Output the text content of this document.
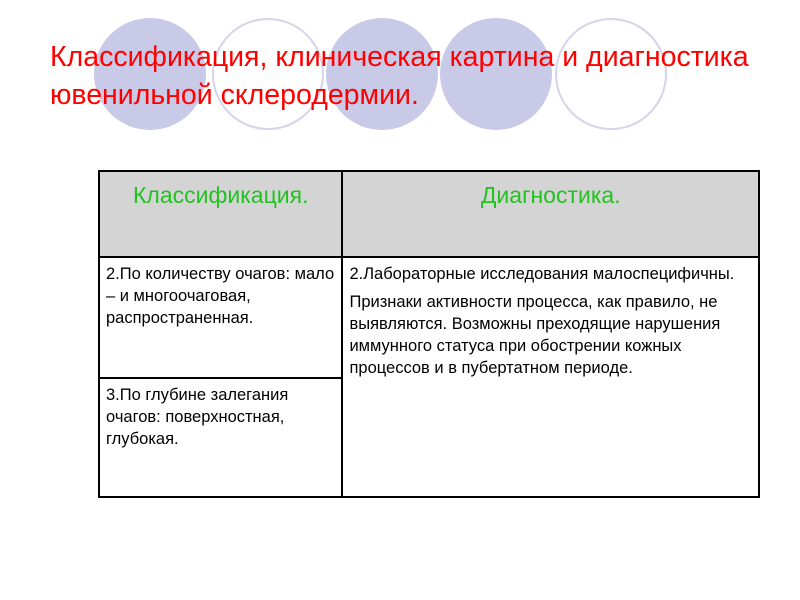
Классификация, клиническая картина и диагностика ювенильной склеродермии.
Классификация.	Диагностика.
2.По количеству очагов: мало – и многоочаговая, распространенная.	2.Лабораторные исследования малоспецифичны.

Признаки активности процесса, как правило, не выявляются. Возможны преходящие нарушения иммунного статуса при обострении кожных процессов и в пубертатном периоде.

3.По глубине залегания очагов: поверхностная, глубокая.	
